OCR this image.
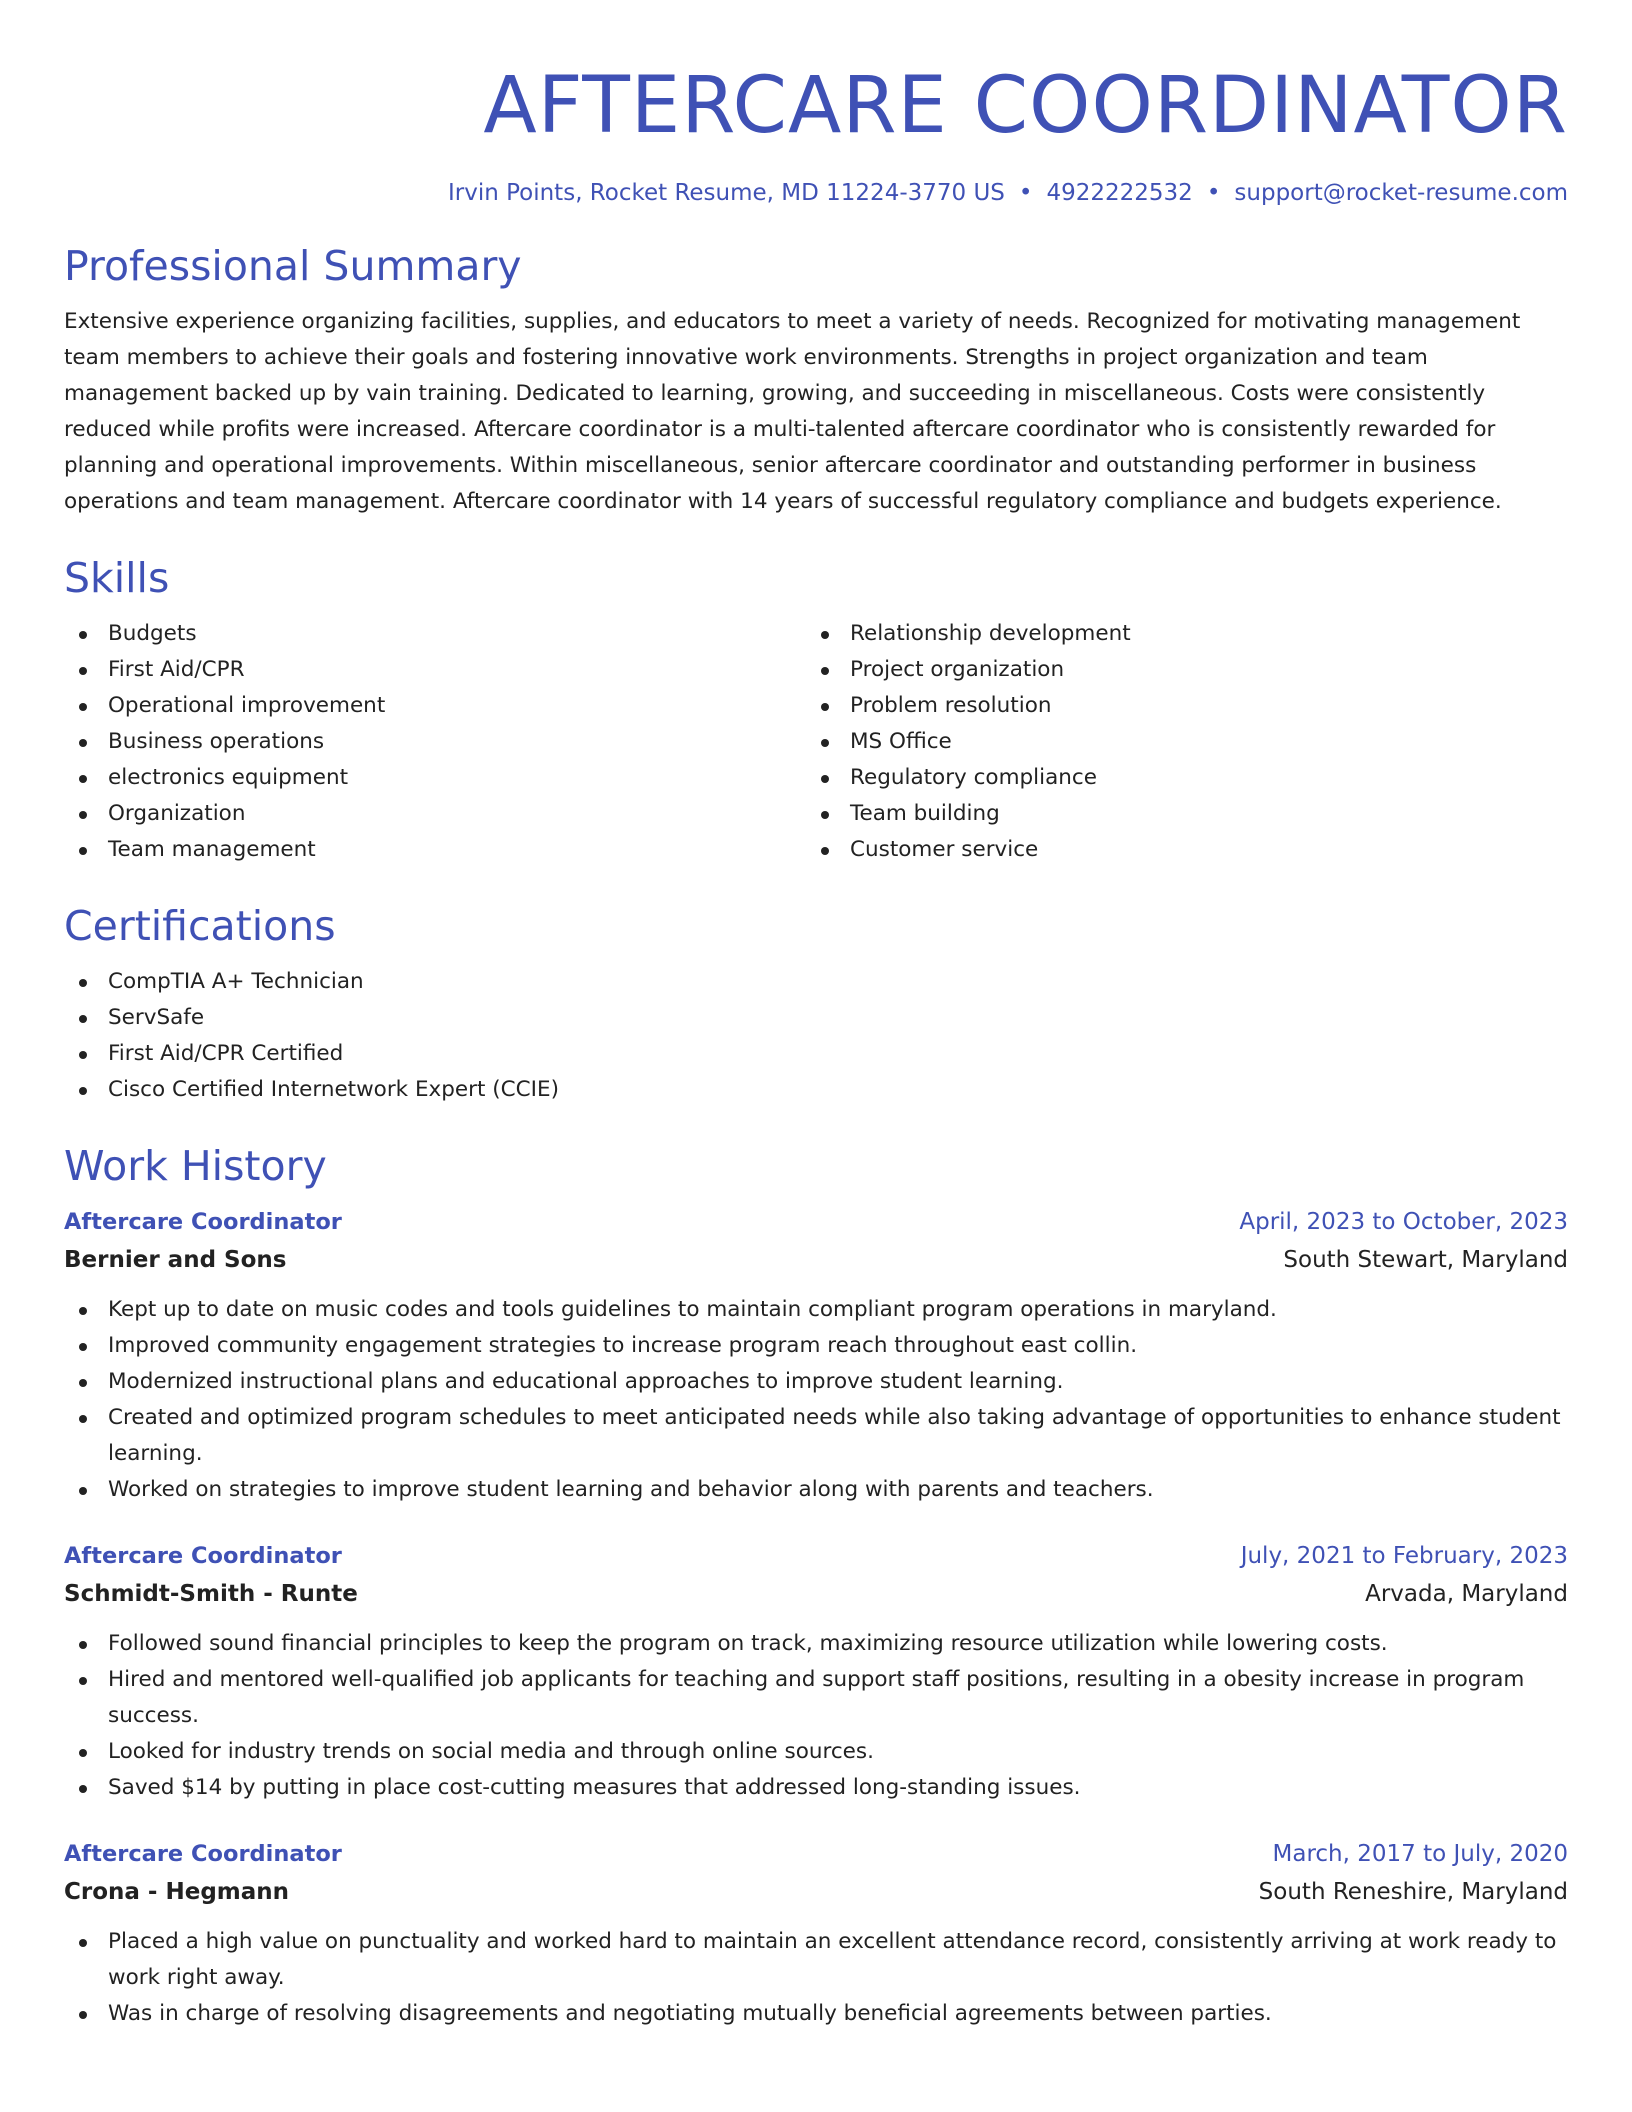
AFTERCARE COORDINATOR
Irvin Points, Rocket Resume, MD 11224-3770 US • 4922222532 • support@rocket-resume.com
Professional Summary

Extensive experience organizing facilities, supplies, and educators to meet a variety of needs. Recognized for motivating management team members to achieve their goals and fostering innovative work environments. Strengths in project organization and team management backed up by vain training. Dedicated to learning, growing, and succeeding in miscellaneous. Costs were consistently reduced while profits were increased. Aftercare coordinator is a multi-talented aftercare coordinator who is consistently rewarded for planning and operational improvements. Within miscellaneous, senior aftercare coordinator and outstanding performer in business operations and team management. Aftercare coordinator with 14 years of successful regulatory compliance and budgets experience.

Skills
Budgets
First Aid/CPR
Operational improvement
Business operations
electronics equipment
Organization
Team management
Relationship development
Project organization
Problem resolution
MS Office
Regulatory compliance
Team building
Customer service
Certifications
CompTIA A+ Technician
ServSafe
First Aid/CPR Certified
Cisco Certified Internetwork Expert (CCIE)
Work History
Aftercare Coordinator	April, 2023 to October, 2023
Bernier and Sons	South Stewart, Maryland
Kept up to date on music codes and tools guidelines to maintain compliant program operations in maryland.
Improved community engagement strategies to increase program reach throughout east collin.
Modernized instructional plans and educational approaches to improve student learning.
Created and optimized program schedules to meet anticipated needs while also taking advantage of opportunities to enhance student learning.
Worked on strategies to improve student learning and behavior along with parents and teachers.
Aftercare Coordinator	July, 2021 to February, 2023
Schmidt-Smith - Runte	Arvada, Maryland
Followed sound financial principles to keep the program on track, maximizing resource utilization while lowering costs.
Hired and mentored well-qualified job applicants for teaching and support staff positions, resulting in a obesity increase in program success.
Looked for industry trends on social media and through online sources.
Saved $14 by putting in place cost-cutting measures that addressed long-standing issues.
Aftercare Coordinator	March, 2017 to July, 2020
Crona - Hegmann	South Reneshire, Maryland
Placed a high value on punctuality and worked hard to maintain an excellent attendance record, consistently arriving at work ready to work right away.
Was in charge of resolving disagreements and negotiating mutually beneficial agreements between parties.
